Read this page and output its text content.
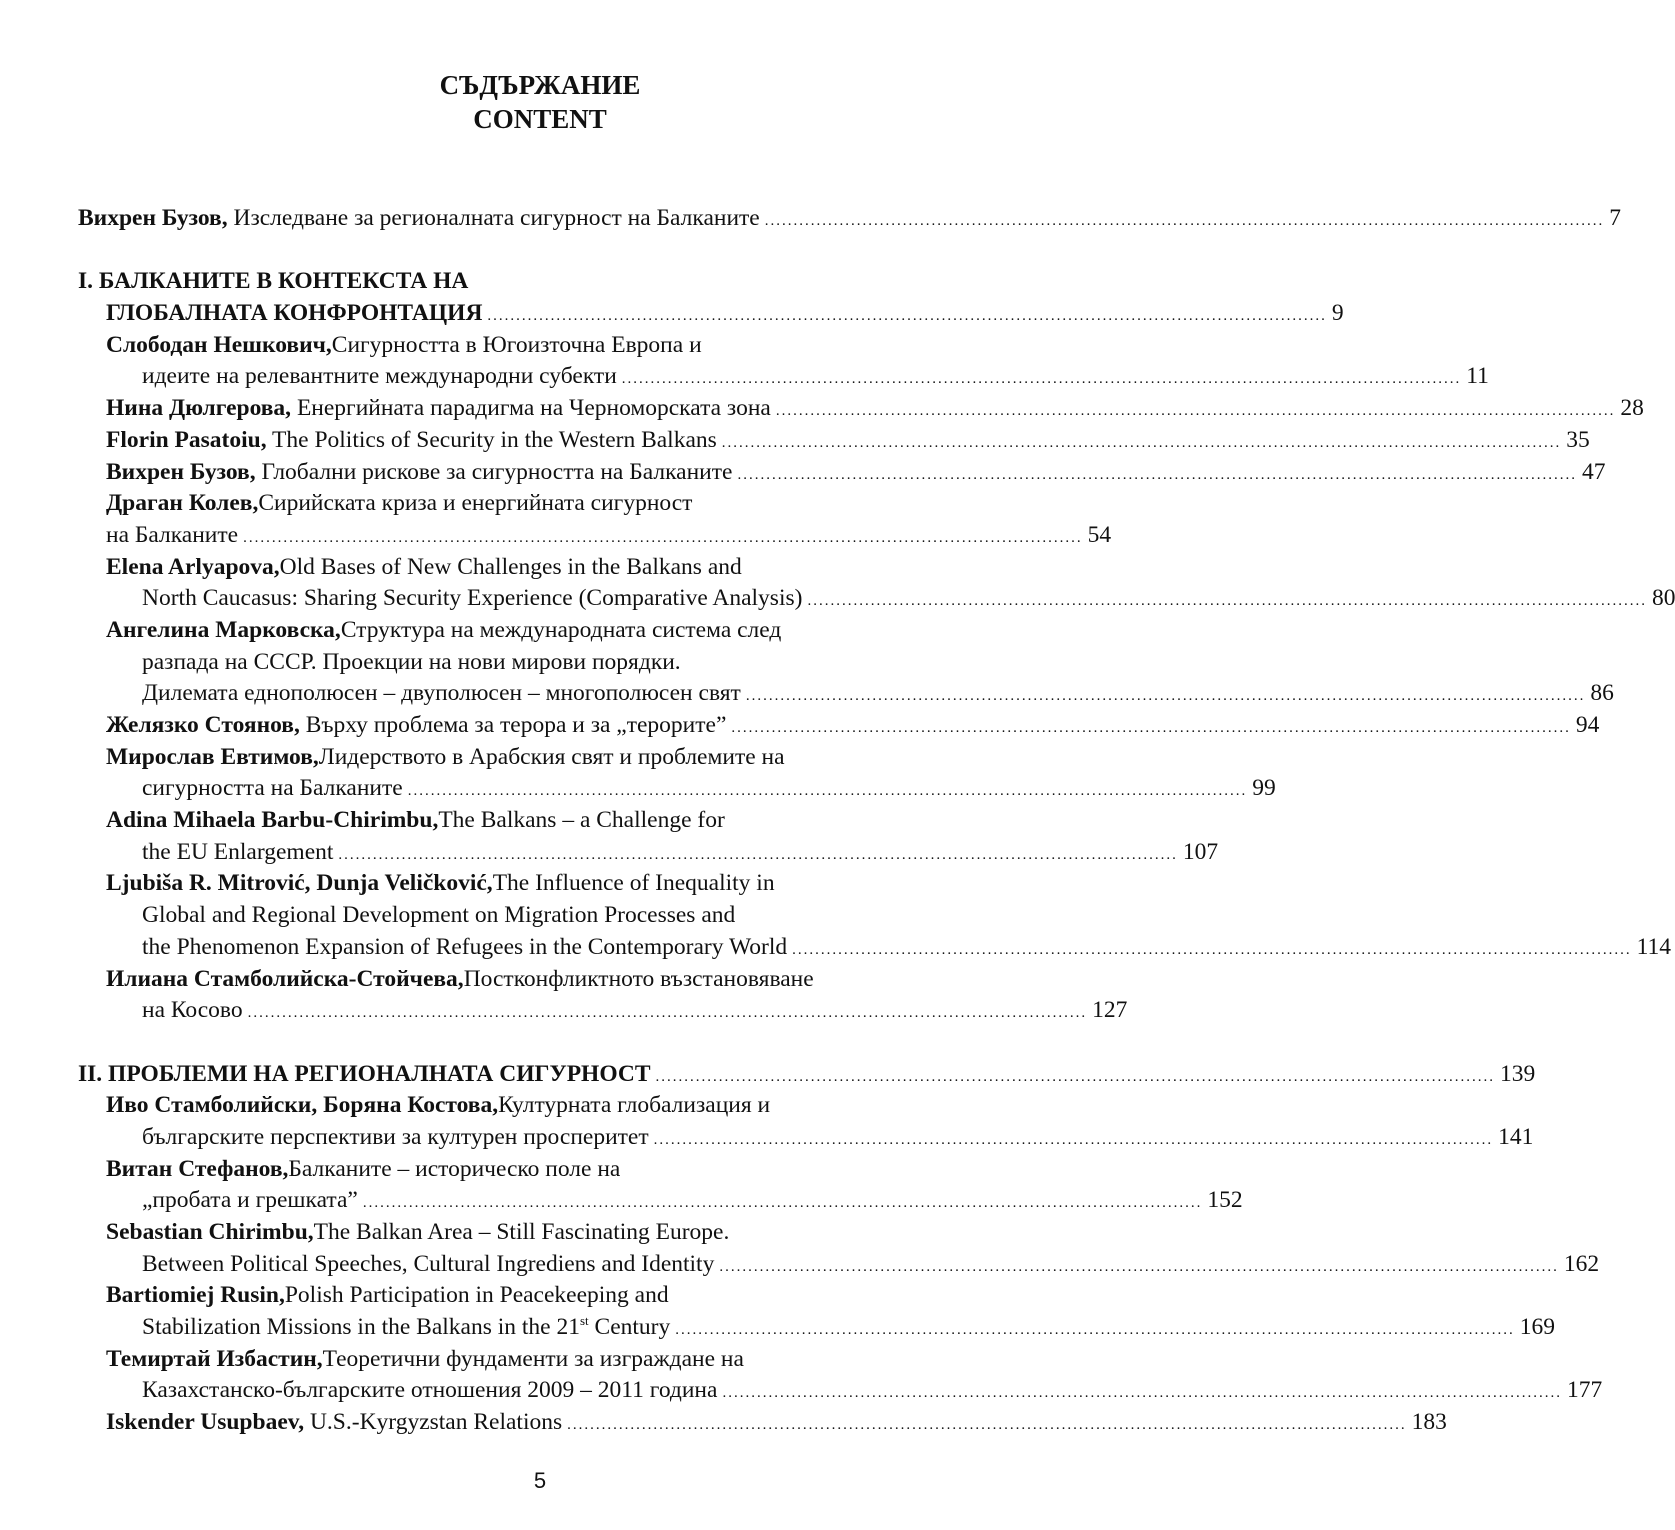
СЪДЪРЖАНИЕ
CONTENT
Вихрен Бузов, Изследване за регионалната сигурност на Балканите .................................................................................................................................................. 7
I. БАЛКАНИТЕ В КОНТЕКСТА НА
ГЛОБАЛНАТА КОНФРОНТАЦИЯ .................................................................................................................................................. 9
Слободан Нешкович, Сигурността в Югоизточна Европа и
идеите на релевантните международни субекти .................................................................................................................................................. 11
Нина Дюлгерова, Енергийната парадигма на Черноморската зона .................................................................................................................................................. 28
Florin Pasatoiu, The Politics of Security in the Western Balkans .................................................................................................................................................. 35
Вихрен Бузов, Глобални рискове за сигурността на Балканите .................................................................................................................................................. 47
Драган Колев, Сирийската криза и енергийната сигурност
на Балканите .................................................................................................................................................. 54
Elena Arlyapova, Old Bases of New Challenges in the Balkans and
North Caucasus: Sharing Security Experience (Comparative Analysis) .................................................................................................................................................. 80
Ангелина Марковска, Структура на международната система след
разпада на СССР. Проекции на нови мирови порядки.
Дилемата еднополюсен – двуполюсен – многополюсен свят .................................................................................................................................................. 86
Желязко Стоянов, Върху проблема за терора и за „терорите” .................................................................................................................................................. 94
Мирослав Евтимов, Лидерството в Арабския свят и проблемите на
сигурността на Балканите .................................................................................................................................................. 99
Adina Mihaela Barbu-Chirimbu, The Balkans – a Challenge for
the EU Enlargement .................................................................................................................................................. 107
Ljubiša R. Mitrović, Dunja Veličković, The Influence of Inequality in
Global and Regional Development on Migration Processes and
the Phenomenon Expansion of Refugees in the Contemporary World .................................................................................................................................................. 114
Илиана Стамболийска-Стойчева, Постконфликтното възстановяване
на Косово .................................................................................................................................................. 127
II. ПРОБЛЕМИ НА РЕГИОНАЛНАТА СИГУРНОСТ .................................................................................................................................................. 139
Иво Стамболийски, Боряна Костова, Културната глобализация и
българските перспективи за културен просперитет .................................................................................................................................................. 141
Витан Стефанов, Балканите – историческо поле на
„пробата и грешката” .................................................................................................................................................. 152
Sebastian Chirimbu, The Balkan Area – Still Fascinating Europe.
Between Political Speeches, Cultural Ingrediens and Identity .................................................................................................................................................. 162
Bartiomiej Rusin, Polish Participation in Peacekeeping and
Stabilization Missions in the Balkans in the 21st Century .................................................................................................................................................. 169
Темиртай Избастин, Теоретични фундаменти за изграждане на
Казахстанско-българските отношения 2009 – 2011 година .................................................................................................................................................. 177
Iskender Usupbaev, U.S.-Kyrgyzstan Relations .................................................................................................................................................. 183
5
